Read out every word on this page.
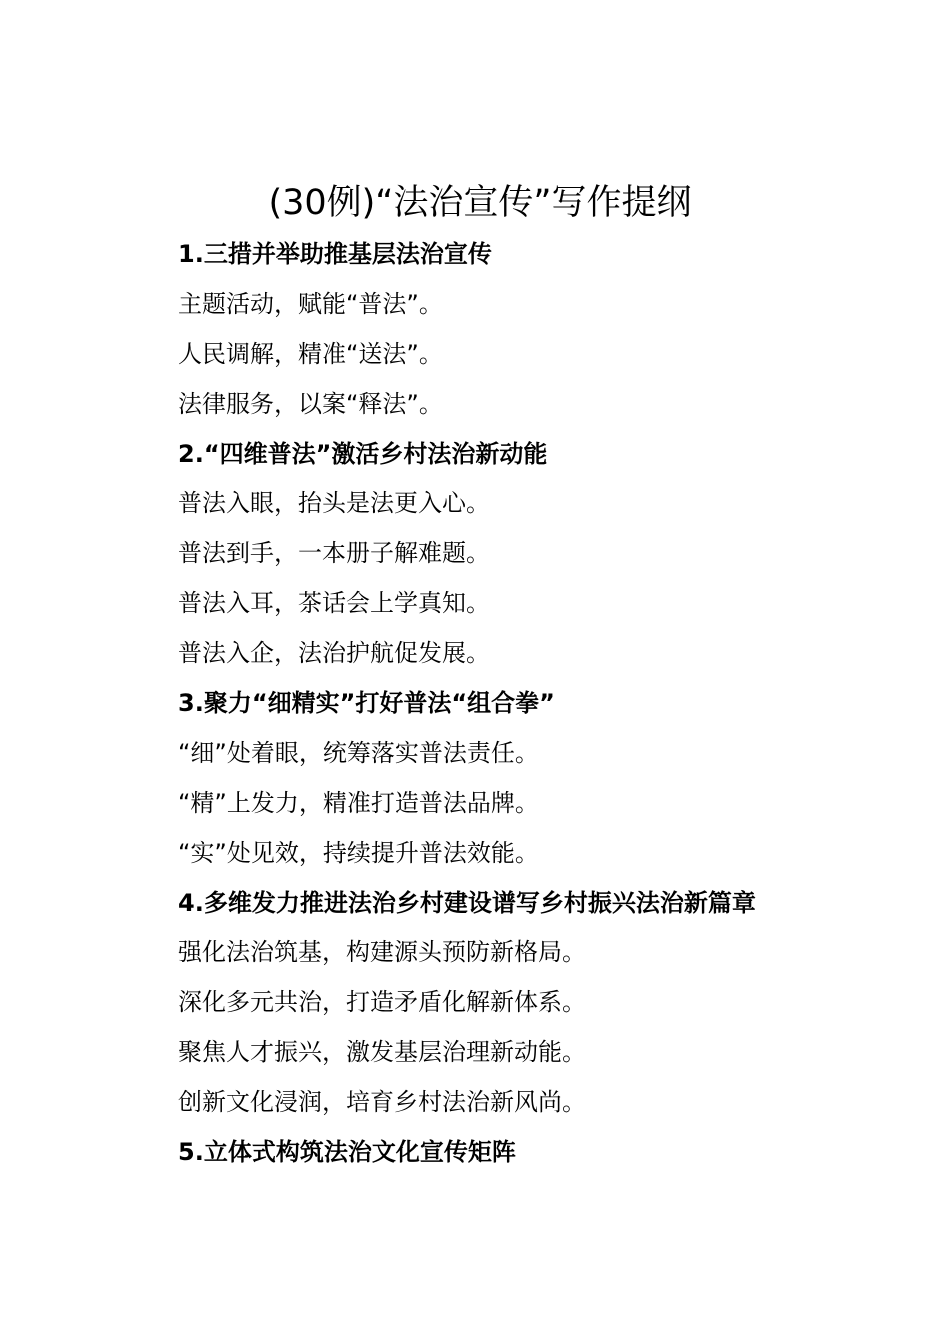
(30例)“法治宣传”写作提纲
1.三措并举助推基层法治宣传
主题活动，赋能“普法”。
人民调解，精准“送法”。
法律服务，以案“释法”。
2.“四维普法”激活乡村法治新动能
普法入眼，抬头是法更入心。
普法到手，一本册子解难题。
普法入耳，茶话会上学真知。
普法入企，法治护航促发展。
3.聚力“细精实”打好普法“组合拳”
“细”处着眼，统筹落实普法责任。
“精”上发力，精准打造普法品牌。
“实”处见效，持续提升普法效能。
4.多维发力推进法治乡村建设谱写乡村振兴法治新篇章
强化法治筑基，构建源头预防新格局。
深化多元共治，打造矛盾化解新体系。
聚焦人才振兴，激发基层治理新动能。
创新文化浸润，培育乡村法治新风尚。
5.立体式构筑法治文化宣传矩阵
